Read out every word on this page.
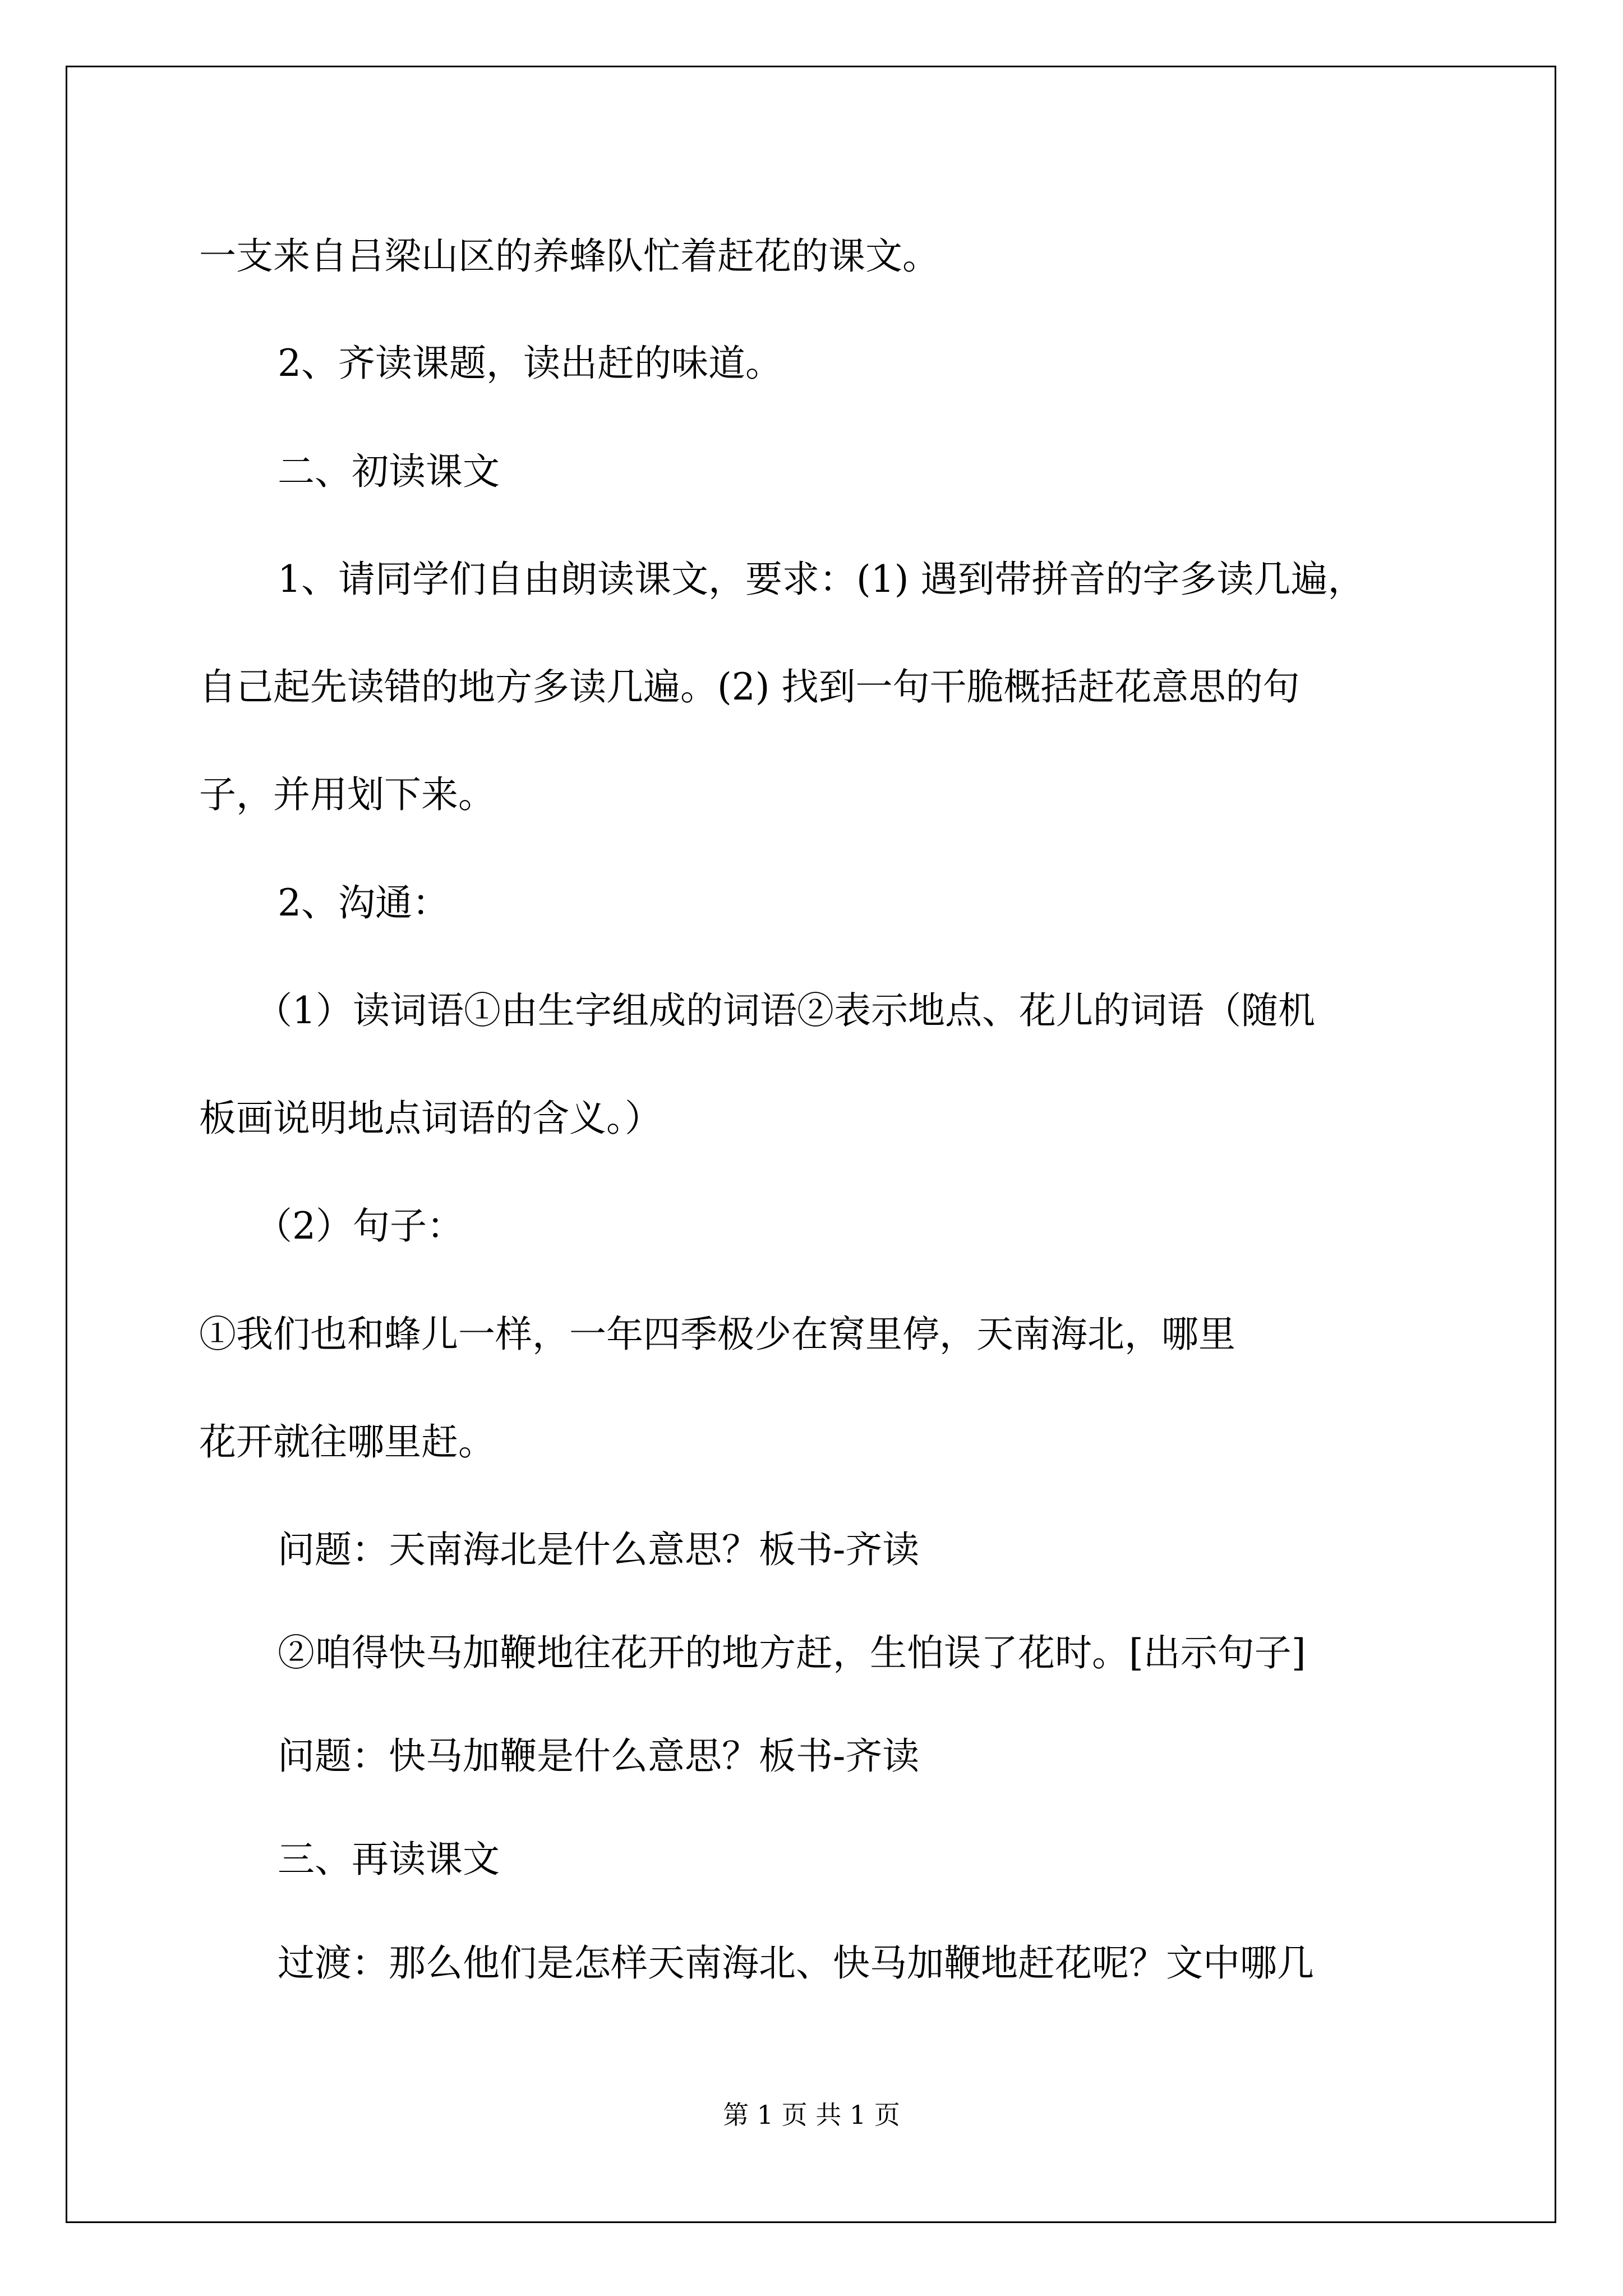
一支来自吕梁山区的养蜂队忙着赶花的课文。

2、齐读课题，读出赶的味道。

二、初读课文

1、请同学们自由朗读课文，要求：(1) 遇到带拼音的字多读几遍，

自己起先读错的地方多读几遍。(2) 找到一句干脆概括赶花意思的句

子，并用划下来。

2、沟通：

（1）读词语①由生字组成的词语②表示地点、花儿的词语（随机

板画说明地点词语的含义。）

（2）句子：

①我们也和蜂儿一样，一年四季极少在窝里停，天南海北，哪里

花开就往哪里赶。

问题：天南海北是什么意思？板书-齐读

②咱得快马加鞭地往花开的地方赶，生怕误了花时。[出示句子]

问题：快马加鞭是什么意思？板书-齐读

三、再读课文

过渡：那么他们是怎样天南海北、快马加鞭地赶花呢？文中哪几

第 1 页 共 1 页
